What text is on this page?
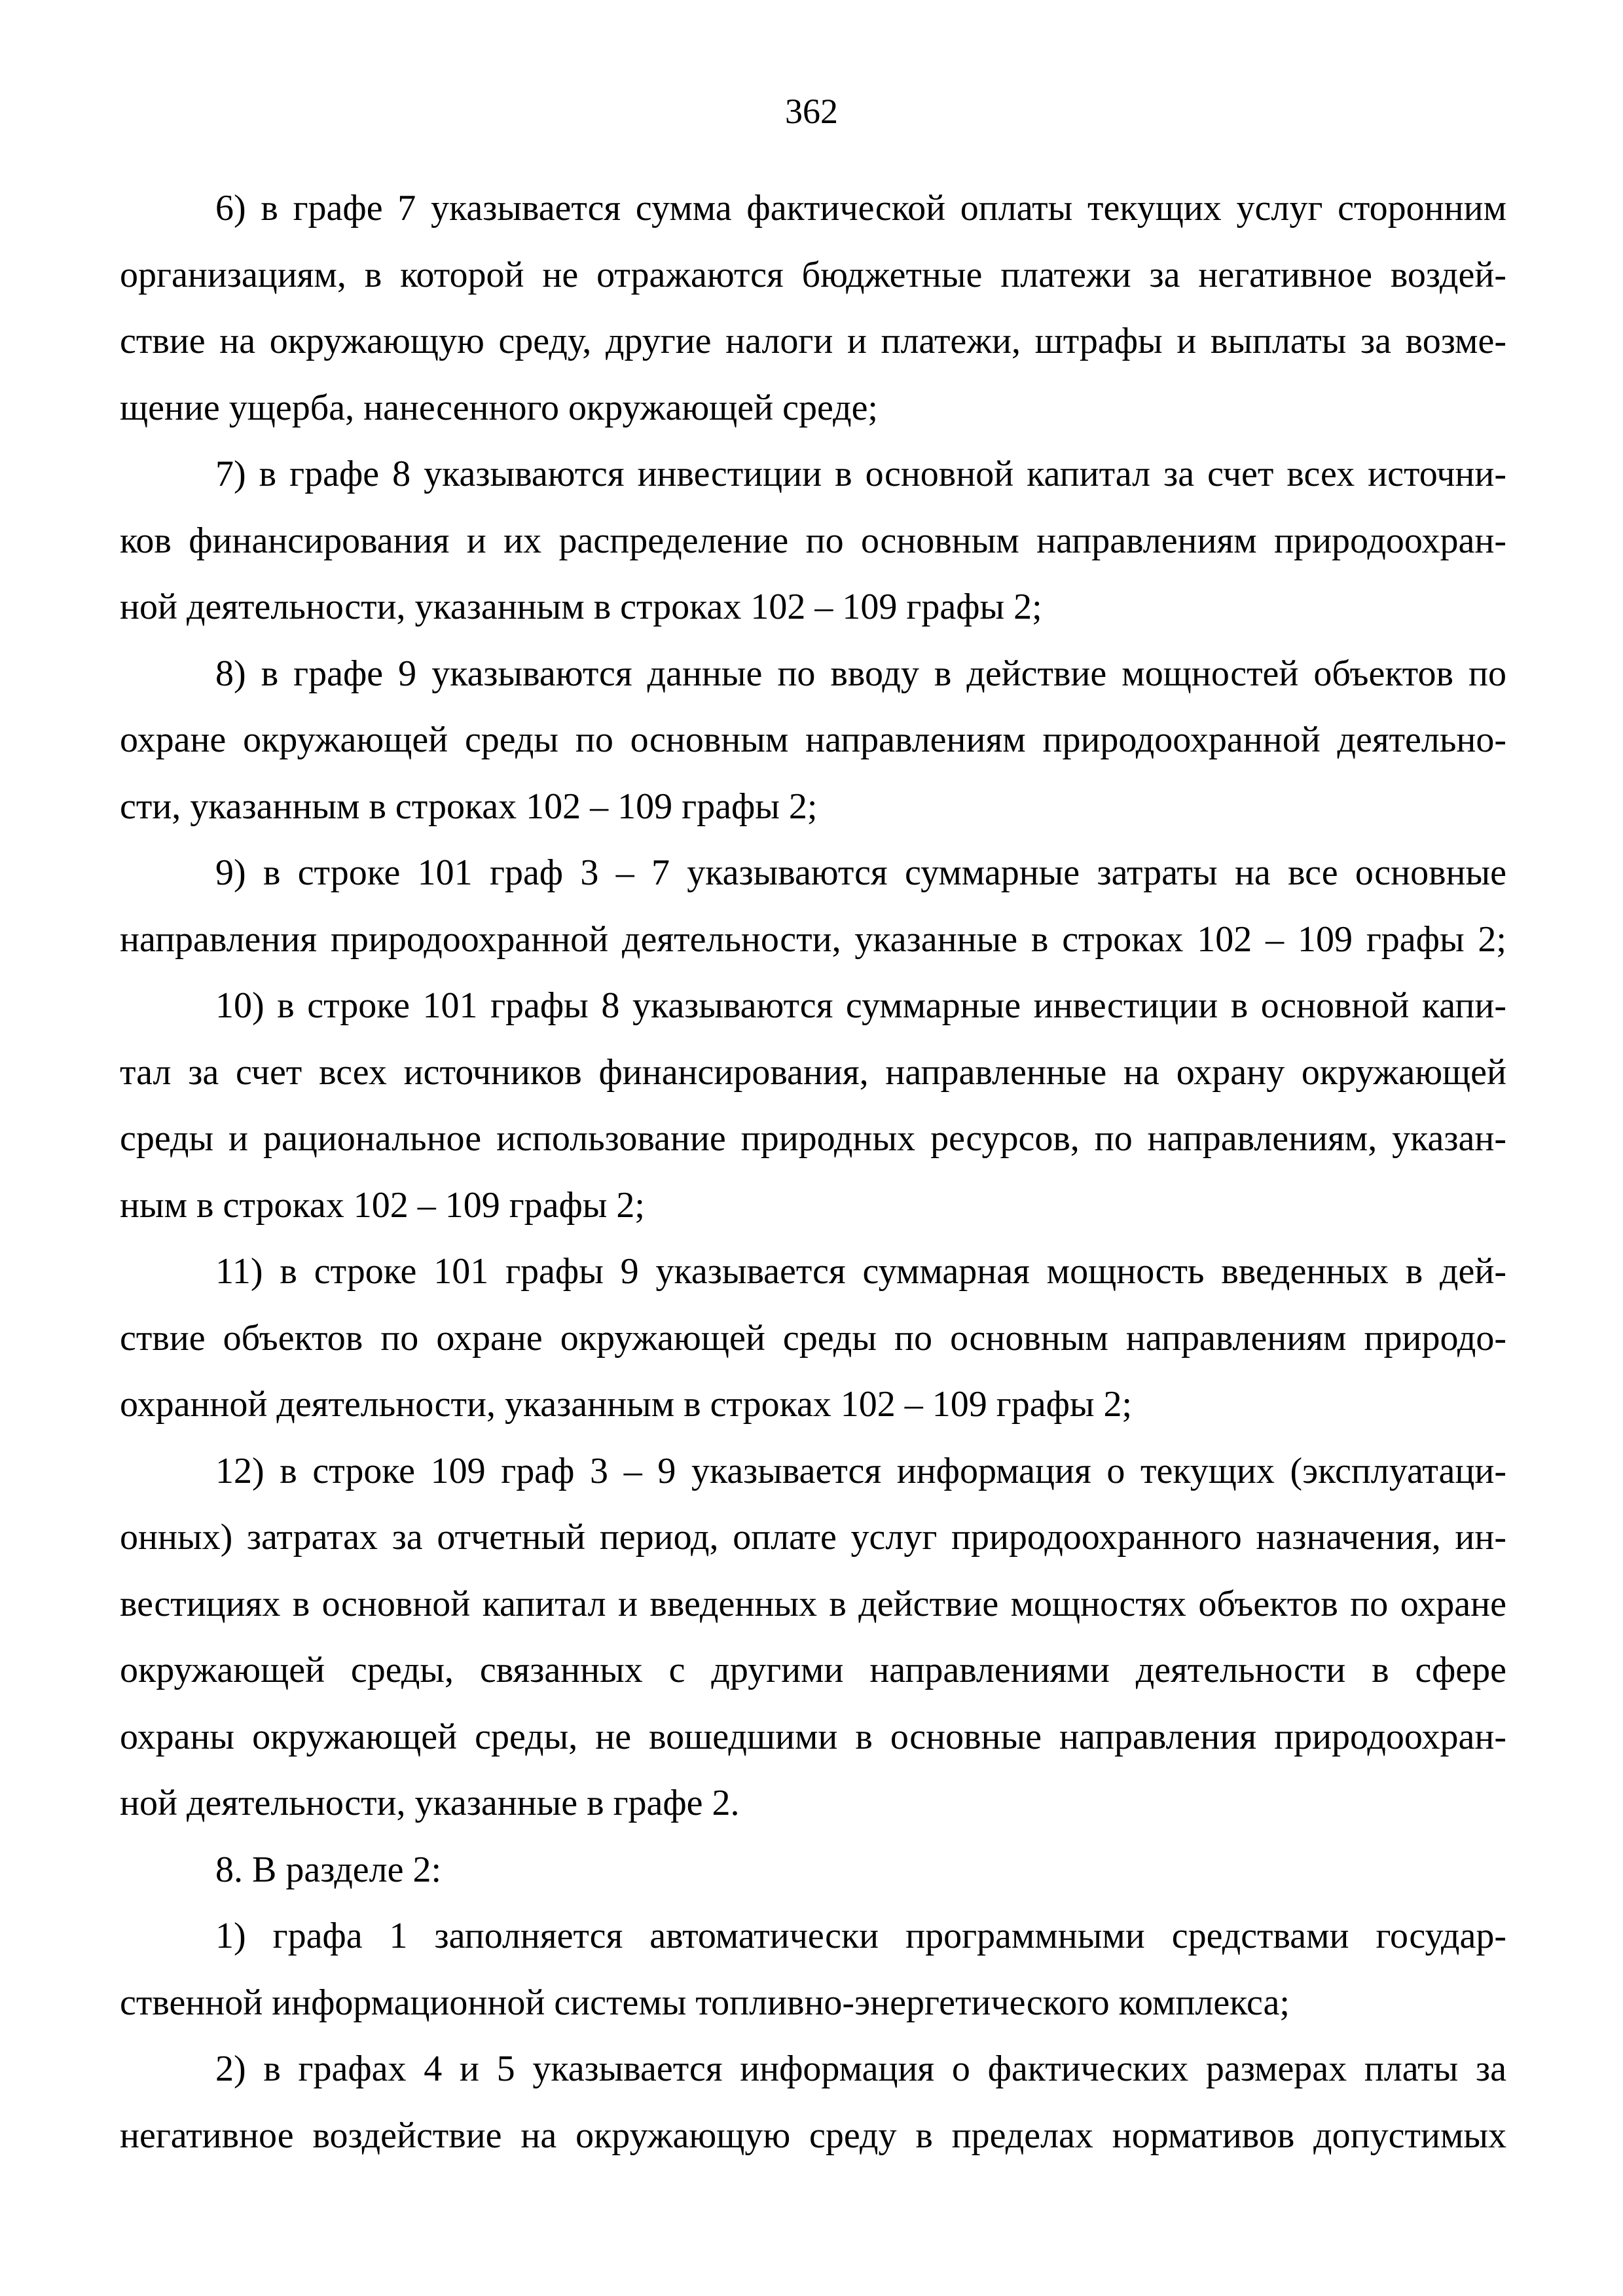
362

6) в графе 7 указывается сумма фактической оплаты текущих услуг сторонним
организациям, в которой не отражаются бюджетные платежи за негативное воздей-
ствие на окружающую среду, другие налоги и платежи, штрафы и выплаты за возме-
щение ущерба, нанесенного окружающей среде;

7) в графе 8 указываются инвестиции в основной капитал за счет всех источни-
ков финансирования и их распределение по основным направлениям природоохран-
ной деятельности, указанным в строках 102 – 109 графы 2;

8) в графе 9 указываются данные по вводу в действие мощностей объектов по
охране окружающей среды по основным направлениям природоохранной деятельно-
сти, указанным в строках 102 – 109 графы 2;

9) в строке 101 граф 3 – 7 указываются суммарные затраты на все основные
направления природоохранной деятельности, указанные в строках 102 – 109 графы 2;

10) в строке 101 графы 8 указываются суммарные инвестиции в основной капи-
тал за счет всех источников финансирования, направленные на охрану окружающей
среды и рациональное использование природных ресурсов, по направлениям, указан-
ным в строках 102 – 109 графы 2;

11) в строке 101 графы 9 указывается суммарная мощность введенных в дей-
ствие объектов по охране окружающей среды по основным направлениям природо-
охранной деятельности, указанным в строках 102 – 109 графы 2;

12) в строке 109 граф 3 – 9 указывается информация о текущих (эксплуатаци-
онных) затратах за отчетный период, оплате услуг природоохранного назначения, ин-
вестициях в основной капитал и введенных в действие мощностях объектов по охране
окружающей среды, связанных с другими направлениями деятельности в сфере
охраны окружающей среды, не вошедшими в основные направления природоохран-
ной деятельности, указанные в графе 2.

8. В разделе 2:

1) графа 1 заполняется автоматически программными средствами государ-
ственной информационной системы топливно-энергетического комплекса;

2) в графах 4 и 5 указывается информация о фактических размерах платы за
негативное воздействие на окружающую среду в пределах нормативов допустимых
